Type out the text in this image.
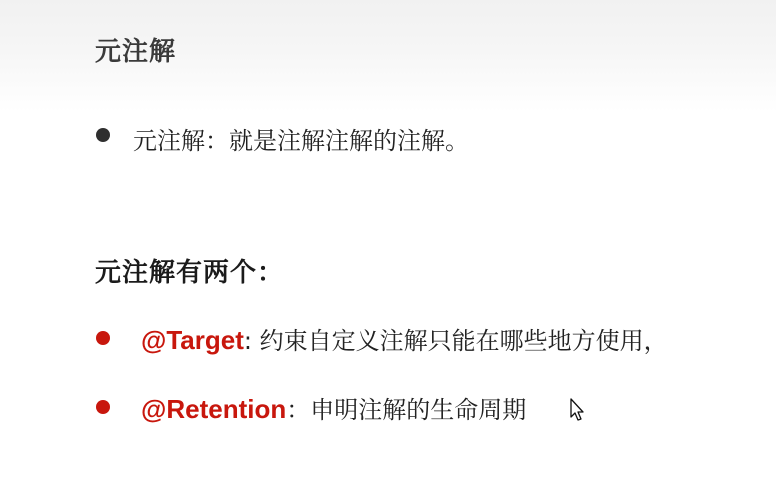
元注解
元注解：就是注解注解的注解。
元注解有两个：
@Target: 约束自定义注解只能在哪些地方使用，
@Retention：申明注解的生命周期
